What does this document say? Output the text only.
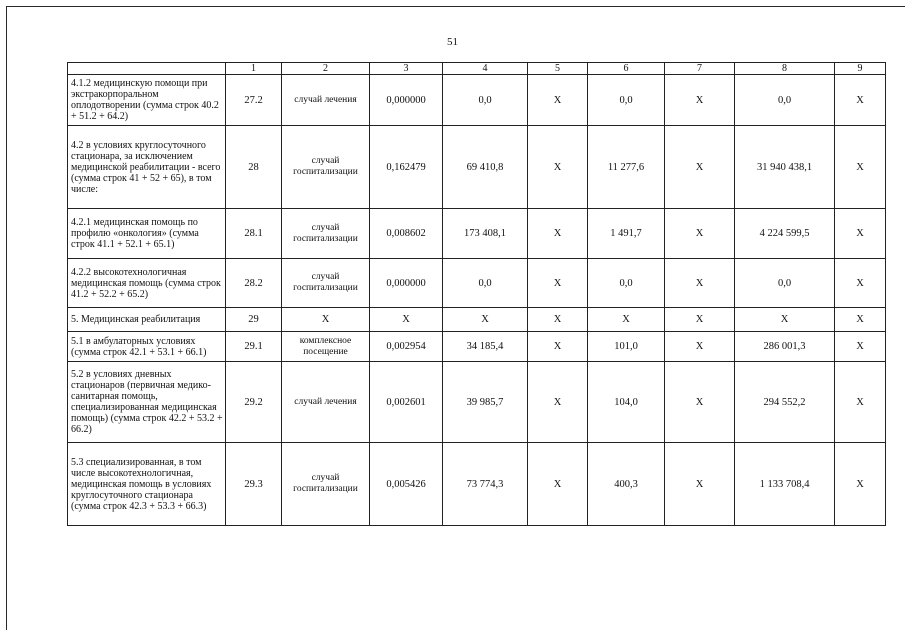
51
	1	2	3	4	5	6	7	8	9
4.1.2 медицинскую помощи при экстракорпоральном оплодотворении (сумма строк 40.2 + 51.2 + 64.2)	27.2	случай лечения	0,000000	0,0	X	0,0	X	0,0	X
4.2 в условиях круглосуточного стационара, за исключением медицинской реабилитации - всего (сумма строк 41 + 52 + 65), в том числе:	28	случай госпитализации	0,162479	69 410,8	X	11 277,6	X	31 940 438,1	X
4.2.1 медицинская помощь по профилю «онкология» (сумма строк 41.1 + 52.1 + 65.1)	28.1	случай госпитализации	0,008602	173 408,1	X	1 491,7	X	4 224 599,5	X
4.2.2 высокотехнологичная медицинская помощь (сумма строк 41.2 + 52.2 + 65.2)	28.2	случай госпитализации	0,000000	0,0	X	0,0	X	0,0	X
5. Медицинская реабилитация	29	X	X	X	X	X	X	X	X
5.1 в амбулаторных условиях (сумма строк 42.1 + 53.1 + 66.1)	29.1	комплексное посещение	0,002954	34 185,4	X	101,0	X	286 001,3	X
5.2 в условиях дневных стационаров (первичная медико-санитарная помощь, специализированная медицинская помощь) (сумма строк 42.2 + 53.2 + 66.2)	29.2	случай лечения	0,002601	39 985,7	X	104,0	X	294 552,2	X
5.3 специализированная, в том числе высокотехнологичная, медицинская помощь в условиях круглосуточного стационара (сумма строк 42.3 + 53.3 + 66.3)	29.3	случай госпитализации	0,005426	73 774,3	X	400,3	X	1 133 708,4	X
